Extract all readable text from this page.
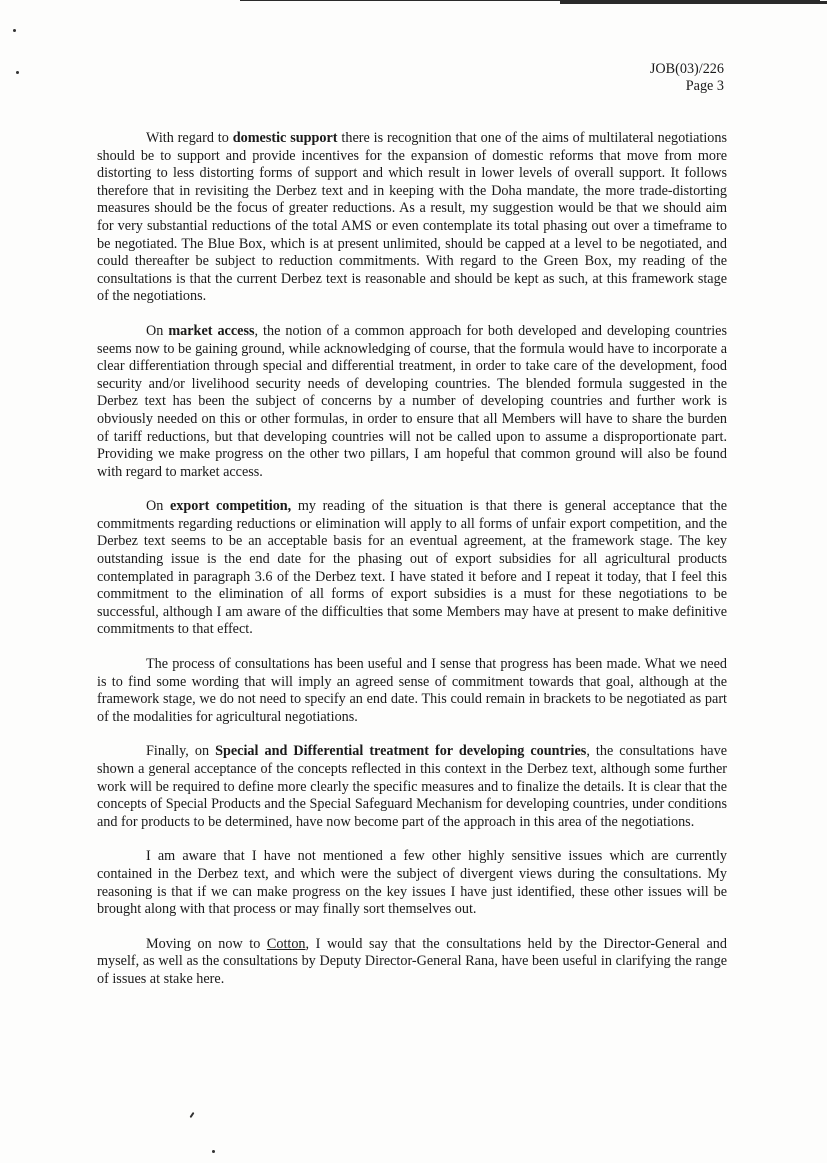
JOB(03)/226
Page 3

With regard to domestic support there is recognition that one of the aims of multilateral negotiations should be to support and provide incentives for the expansion of domestic reforms that move from more distorting to less distorting forms of support and which result in lower levels of overall support. It follows therefore that in revisiting the Derbez text and in keeping with the Doha mandate, the more trade-distorting measures should be the focus of greater reductions. As a result, my suggestion would be that we should aim for very substantial reductions of the total AMS or even contemplate its total phasing out over a timeframe to be negotiated. The Blue Box, which is at present unlimited, should be capped at a level to be negotiated, and could thereafter be subject to reduction commitments. With regard to the Green Box, my reading of the consultations is that the current Derbez text is reasonable and should be kept as such, at this framework stage of the negotiations.

On market access, the notion of a common approach for both developed and developing countries seems now to be gaining ground, while acknowledging of course, that the formula would have to incorporate a clear differentiation through special and differential treatment, in order to take care of the development, food security and/or livelihood security needs of developing countries. The blended formula suggested in the Derbez text has been the subject of concerns by a number of developing countries and further work is obviously needed on this or other formulas, in order to ensure that all Members will have to share the burden of tariff reductions, but that developing countries will not be called upon to assume a disproportionate part. Providing we make progress on the other two pillars, I am hopeful that common ground will also be found with regard to market access.

On export competition, my reading of the situation is that there is general acceptance that the commitments regarding reductions or elimination will apply to all forms of unfair export competition, and the Derbez text seems to be an acceptable basis for an eventual agreement, at the framework stage. The key outstanding issue is the end date for the phasing out of export subsidies for all agricultural products contemplated in paragraph 3.6 of the Derbez text. I have stated it before and I repeat it today, that I feel this commitment to the elimination of all forms of export subsidies is a must for these negotiations to be successful, although I am aware of the difficulties that some Members may have at present to make definitive commitments to that effect.

The process of consultations has been useful and I sense that progress has been made. What we need is to find some wording that will imply an agreed sense of commitment towards that goal, although at the framework stage, we do not need to specify an end date. This could remain in brackets to be negotiated as part of the modalities for agricultural negotiations.

Finally, on Special and Differential treatment for developing countries, the consultations have shown a general acceptance of the concepts reflected in this context in the Derbez text, although some further work will be required to define more clearly the specific measures and to finalize the details. It is clear that the concepts of Special Products and the Special Safeguard Mechanism for developing countries, under conditions and for products to be determined, have now become part of the approach in this area of the negotiations.

I am aware that I have not mentioned a few other highly sensitive issues which are currently contained in the Derbez text, and which were the subject of divergent views during the consultations. My reasoning is that if we can make progress on the key issues I have just identified, these other issues will be brought along with that process or may finally sort themselves out.

Moving on now to Cotton, I would say that the consultations held by the Director-General and myself, as well as the consultations by Deputy Director-General Rana, have been useful in clarifying the range of issues at stake here.
